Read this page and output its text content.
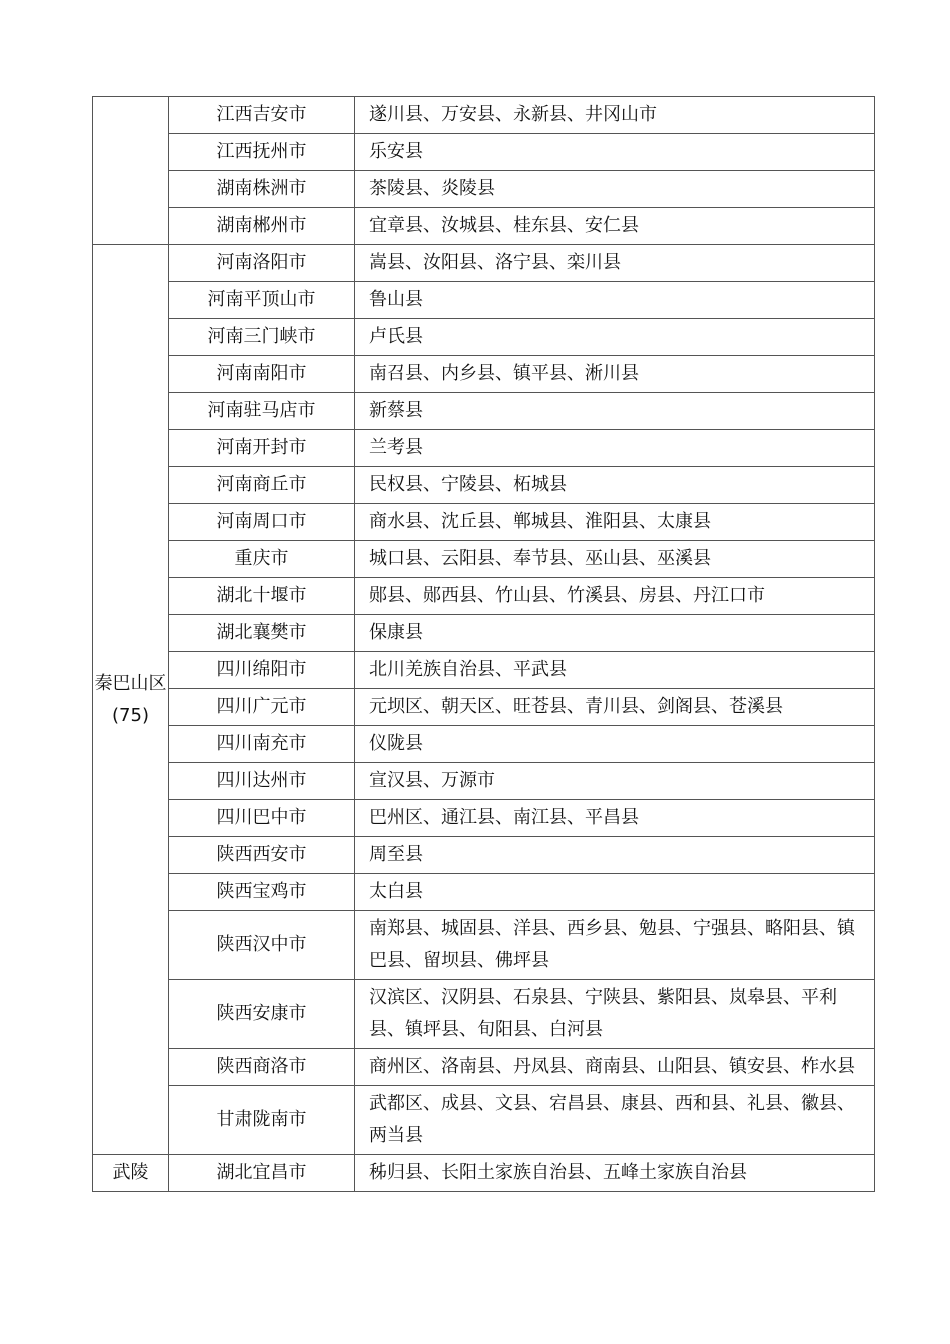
	江西吉安市	遂川县、万安县、永新县、井冈山市
	江西抚州市	乐安县
	湖南株洲市	茶陵县、炎陵县
	湖南郴州市	宜章县、汝城县、桂东县、安仁县
秦巴山区(75)	河南洛阳市	嵩县、汝阳县、洛宁县、栾川县
	河南平顶山市	鲁山县
	河南三门峡市	卢氏县
	河南南阳市	南召县、内乡县、镇平县、淅川县
	河南驻马店市	新蔡县
	河南开封市	兰考县
	河南商丘市	民权县、宁陵县、柘城县
	河南周口市	商水县、沈丘县、郸城县、淮阳县、太康县
	重庆市	城口县、云阳县、奉节县、巫山县、巫溪县
	湖北十堰市	郧县、郧西县、竹山县、竹溪县、房县、丹江口市
	湖北襄樊市	保康县
	四川绵阳市	北川羌族自治县、平武县
	四川广元市	元坝区、朝天区、旺苍县、青川县、剑阁县、苍溪县
	四川南充市	仪陇县
	四川达州市	宣汉县、万源市
	四川巴中市	巴州区、通江县、南江县、平昌县
	陕西西安市	周至县
	陕西宝鸡市	太白县
	陕西汉中市	南郑县、城固县、洋县、西乡县、勉县、宁强县、略阳县、镇巴县、留坝县、佛坪县
	陕西安康市	汉滨区、汉阴县、石泉县、宁陕县、紫阳县、岚皋县、平利县、镇坪县、旬阳县、白河县
	陕西商洛市	商州区、洛南县、丹凤县、商南县、山阳县、镇安县、柞水县
	甘肃陇南市	武都区、成县、文县、宕昌县、康县、西和县、礼县、徽县、两当县
武陵	湖北宜昌市	秭归县、长阳土家族自治县、五峰土家族自治县
